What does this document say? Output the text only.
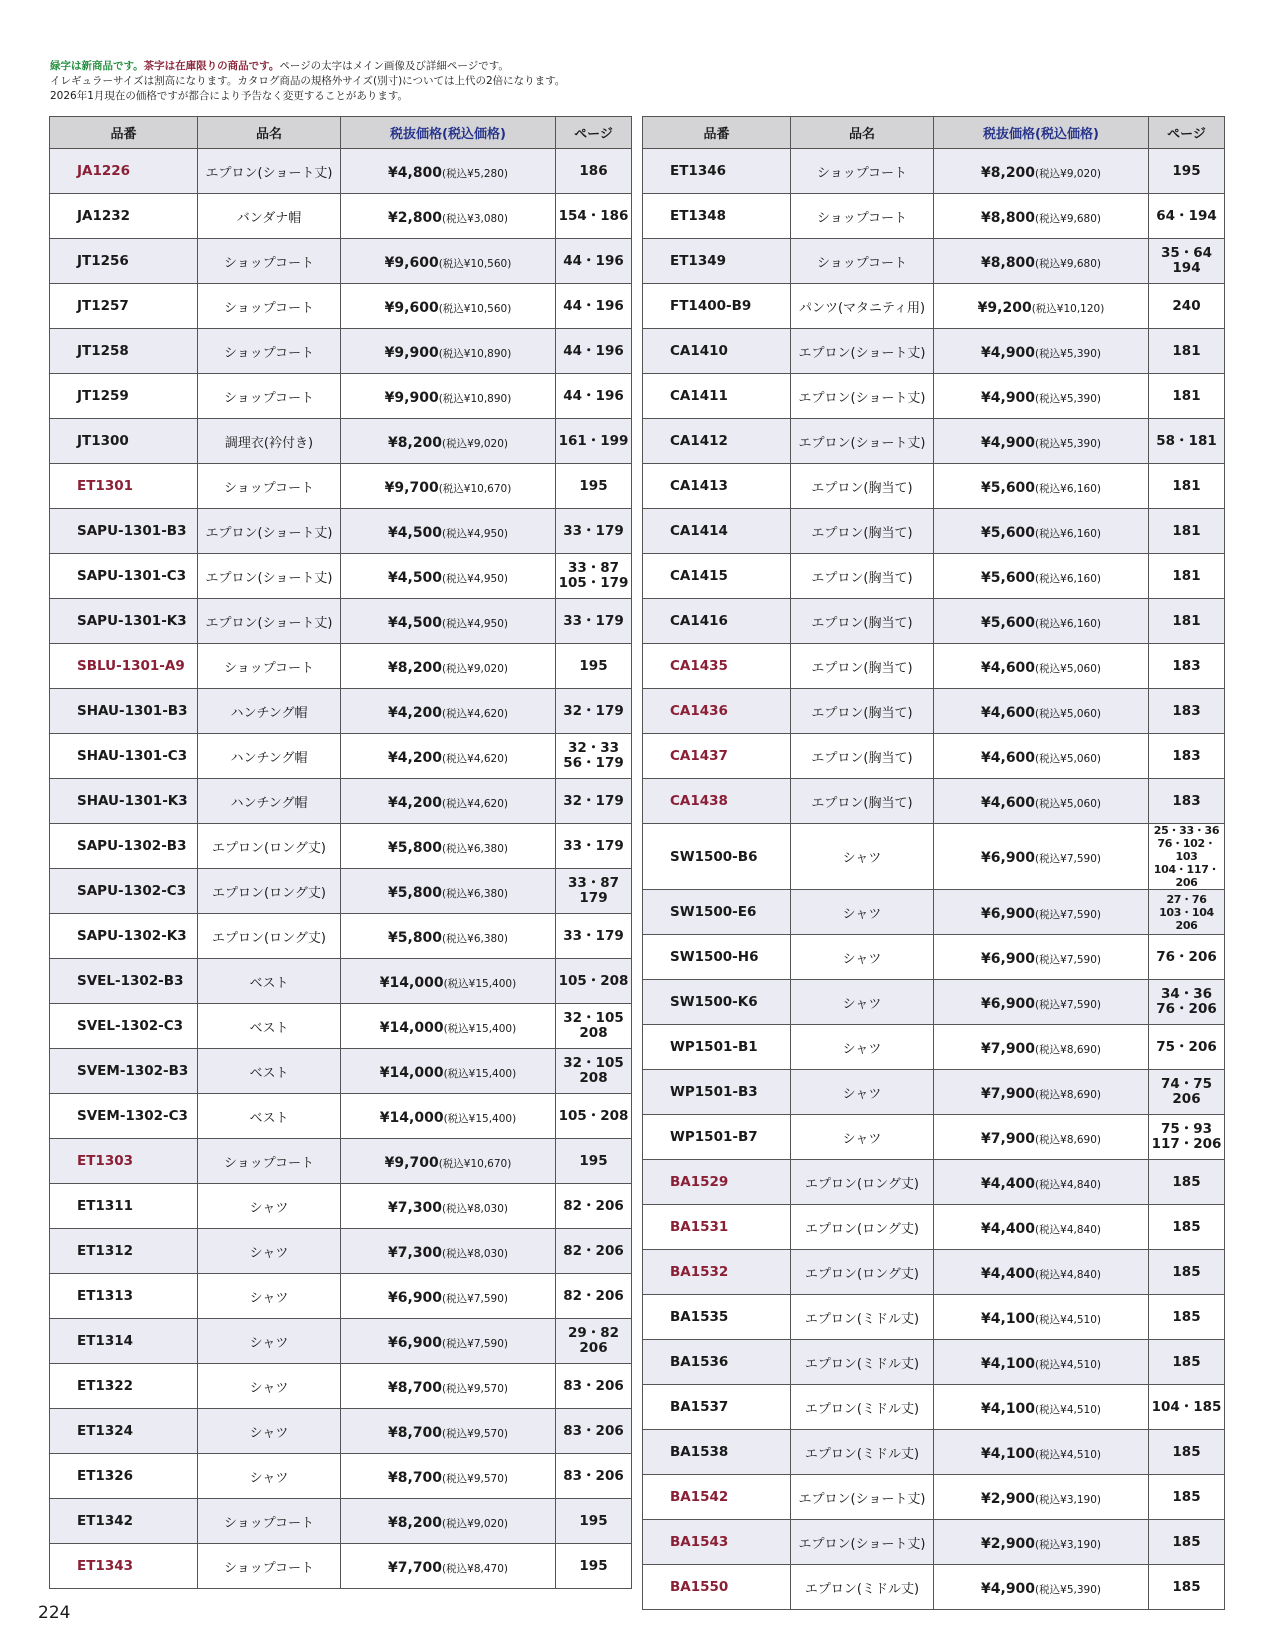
緑字は新商品です。茶字は在庫限りの商品です。ページの太字はメイン画像及び詳細ページです。
イレギュラーサイズは割高になります。カタログ商品の規格外サイズ(別寸)については上代の2倍になります。
2026年1月現在の価格ですが都合により予告なく変更することがあります。
品番	品名	税抜価格(税込価格)	ページ
JA1226	エプロン(ショート丈)	¥4,800(税込¥5,280)	186

JA1232	バンダナ帽	¥2,800(税込¥3,080)	154・186

JT1256	ショップコート	¥9,600(税込¥10,560)	44・196

JT1257	ショップコート	¥9,600(税込¥10,560)	44・196

JT1258	ショップコート	¥9,900(税込¥10,890)	44・196

JT1259	ショップコート	¥9,900(税込¥10,890)	44・196

JT1300	調理衣(衿付き)	¥8,200(税込¥9,020)	161・199

ET1301	ショップコート	¥9,700(税込¥10,670)	195

SAPU-1301-B3	エプロン(ショート丈)	¥4,500(税込¥4,950)	33・179

SAPU-1301-C3	エプロン(ショート丈)	¥4,500(税込¥4,950)	33・87
105・179

SAPU-1301-K3	エプロン(ショート丈)	¥4,500(税込¥4,950)	33・179

SBLU-1301-A9	ショップコート	¥8,200(税込¥9,020)	195

SHAU-1301-B3	ハンチング帽	¥4,200(税込¥4,620)	32・179

SHAU-1301-C3	ハンチング帽	¥4,200(税込¥4,620)	32・33
56・179

SHAU-1301-K3	ハンチング帽	¥4,200(税込¥4,620)	32・179

SAPU-1302-B3	エプロン(ロング丈)	¥5,800(税込¥6,380)	33・179

SAPU-1302-C3	エプロン(ロング丈)	¥5,800(税込¥6,380)	33・87
179

SAPU-1302-K3	エプロン(ロング丈)	¥5,800(税込¥6,380)	33・179

SVEL-1302-B3	ベスト	¥14,000(税込¥15,400)	105・208

SVEL-1302-C3	ベスト	¥14,000(税込¥15,400)	32・105
208

SVEM-1302-B3	ベスト	¥14,000(税込¥15,400)	32・105
208

SVEM-1302-C3	ベスト	¥14,000(税込¥15,400)	105・208

ET1303	ショップコート	¥9,700(税込¥10,670)	195

ET1311	シャツ	¥7,300(税込¥8,030)	82・206

ET1312	シャツ	¥7,300(税込¥8,030)	82・206

ET1313	シャツ	¥6,900(税込¥7,590)	82・206

ET1314	シャツ	¥6,900(税込¥7,590)	29・82
206

ET1322	シャツ	¥8,700(税込¥9,570)	83・206

ET1324	シャツ	¥8,700(税込¥9,570)	83・206

ET1326	シャツ	¥8,700(税込¥9,570)	83・206

ET1342	ショップコート	¥8,200(税込¥9,020)	195

ET1343	ショップコート	¥7,700(税込¥8,470)	195
品番	品名	税抜価格(税込価格)	ページ
ET1346	ショップコート	¥8,200(税込¥9,020)	195

ET1348	ショップコート	¥8,800(税込¥9,680)	64・194

ET1349	ショップコート	¥8,800(税込¥9,680)	35・64
194

FT1400-B9	パンツ(マタニティ用)	¥9,200(税込¥10,120)	240

CA1410	エプロン(ショート丈)	¥4,900(税込¥5,390)	181

CA1411	エプロン(ショート丈)	¥4,900(税込¥5,390)	181

CA1412	エプロン(ショート丈)	¥4,900(税込¥5,390)	58・181

CA1413	エプロン(胸当て)	¥5,600(税込¥6,160)	181

CA1414	エプロン(胸当て)	¥5,600(税込¥6,160)	181

CA1415	エプロン(胸当て)	¥5,600(税込¥6,160)	181

CA1416	エプロン(胸当て)	¥5,600(税込¥6,160)	181

CA1435	エプロン(胸当て)	¥4,600(税込¥5,060)	183

CA1436	エプロン(胸当て)	¥4,600(税込¥5,060)	183

CA1437	エプロン(胸当て)	¥4,600(税込¥5,060)	183

CA1438	エプロン(胸当て)	¥4,600(税込¥5,060)	183

SW1500-B6	シャツ	¥6,900(税込¥7,590)	25・33・36
76・102・103
104・117・206

SW1500-E6	シャツ	¥6,900(税込¥7,590)	27・76
103・104
206

SW1500-H6	シャツ	¥6,900(税込¥7,590)	76・206

SW1500-K6	シャツ	¥6,900(税込¥7,590)	34・36
76・206

WP1501-B1	シャツ	¥7,900(税込¥8,690)	75・206

WP1501-B3	シャツ	¥7,900(税込¥8,690)	74・75
206

WP1501-B7	シャツ	¥7,900(税込¥8,690)	75・93
117・206

BA1529	エプロン(ロング丈)	¥4,400(税込¥4,840)	185

BA1531	エプロン(ロング丈)	¥4,400(税込¥4,840)	185

BA1532	エプロン(ロング丈)	¥4,400(税込¥4,840)	185

BA1535	エプロン(ミドル丈)	¥4,100(税込¥4,510)	185

BA1536	エプロン(ミドル丈)	¥4,100(税込¥4,510)	185

BA1537	エプロン(ミドル丈)	¥4,100(税込¥4,510)	104・185

BA1538	エプロン(ミドル丈)	¥4,100(税込¥4,510)	185

BA1542	エプロン(ショート丈)	¥2,900(税込¥3,190)	185

BA1543	エプロン(ショート丈)	¥2,900(税込¥3,190)	185

BA1550	エプロン(ミドル丈)	¥4,900(税込¥5,390)	185
224
